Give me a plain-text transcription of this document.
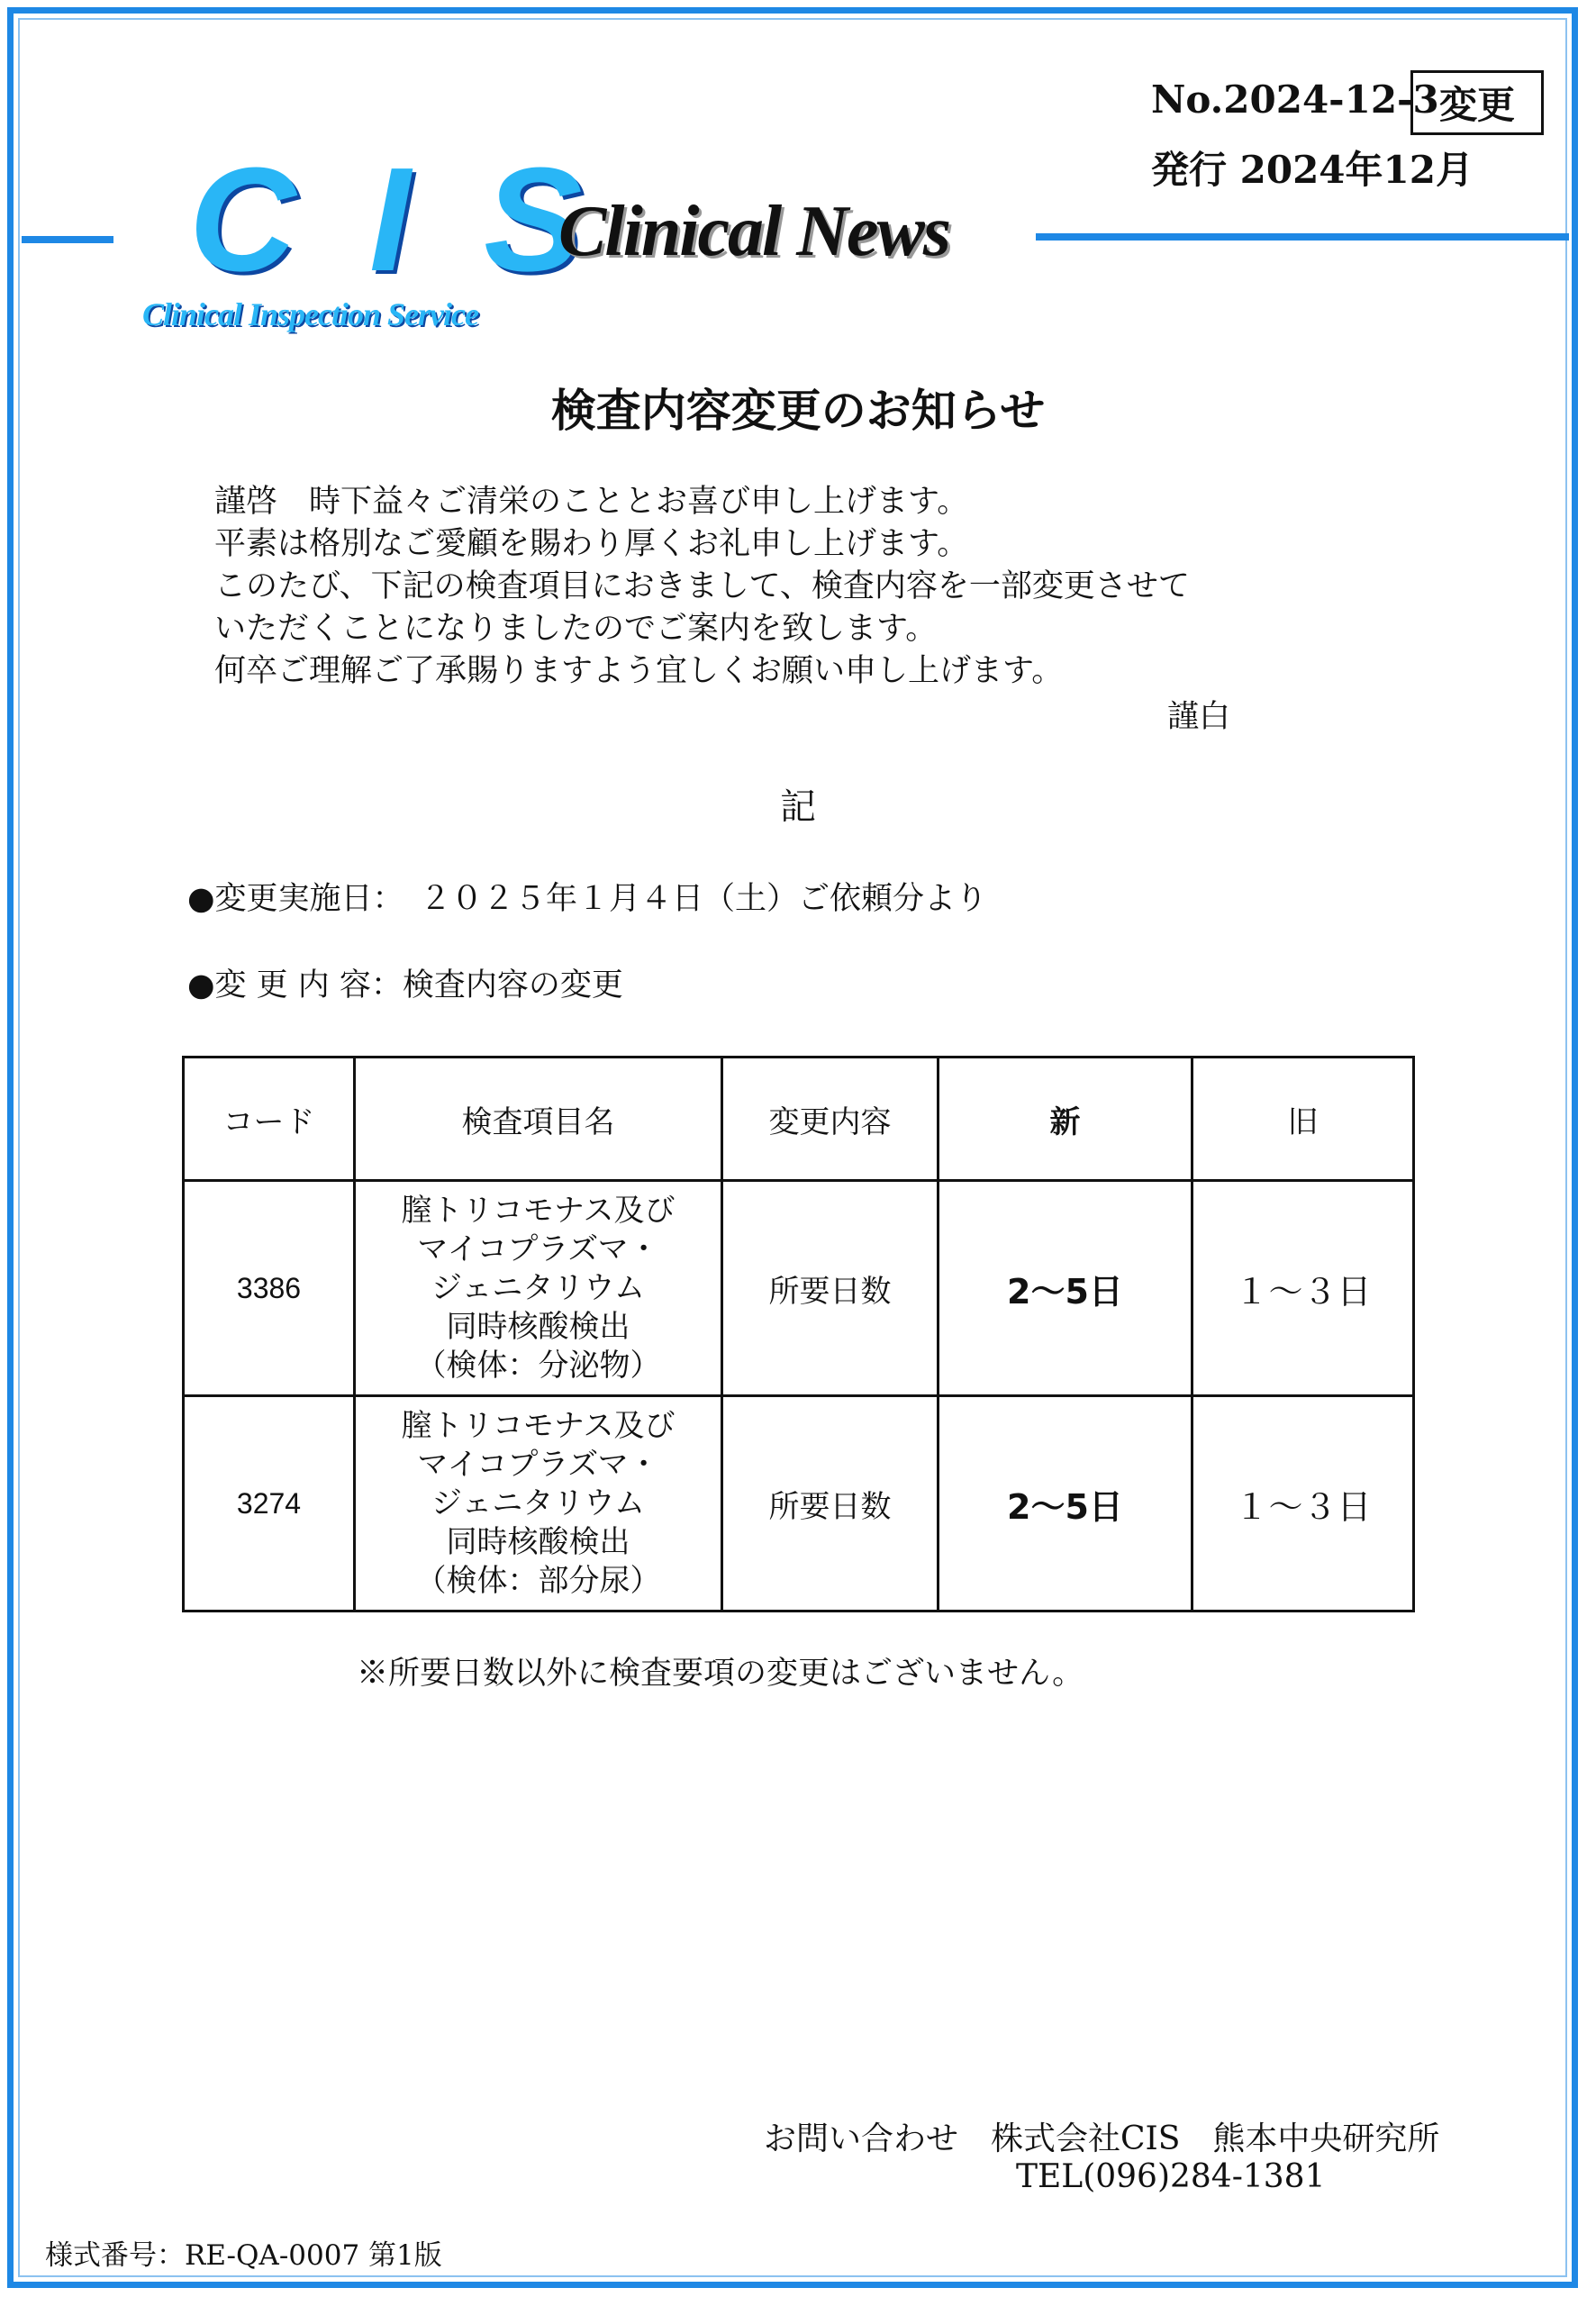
No.2024-12-3 変更
発行 2024年12月
C I S
Clinical Inspection Service
Clinical News
検査内容変更のお知らせ
謹啓　時下益々ご清栄のこととお喜び申し上げます。
平素は格別なご愛顧を賜わり厚くお礼申し上げます。
このたび、下記の検査項目におきまして、検査内容を一部変更させて
いただくことになりましたのでご案内を致します。
何卒ご理解ご了承賜りますよう宜しくお願い申し上げます。
謹白
記
●変更実施日：　２０２５年１月４日（土）ご依頼分より
●変 更 内 容：検査内容の変更
コード	検査項目名	変更内容	新	旧
3386	膣トリコモナス及び
マイコプラズマ・
ジェニタリウム
同時核酸検出
（検体：分泌物）	所要日数	2～5日	１～３日
3274	膣トリコモナス及び
マイコプラズマ・
ジェニタリウム
同時核酸検出
（検体：部分尿）	所要日数	2～5日	１～３日
※所要日数以外に検査要項の変更はございません。
お問い合わせ　株式会社CIS　熊本中央研究所
TEL(096)284-1381
様式番号：RE-QA-0007 第1版
